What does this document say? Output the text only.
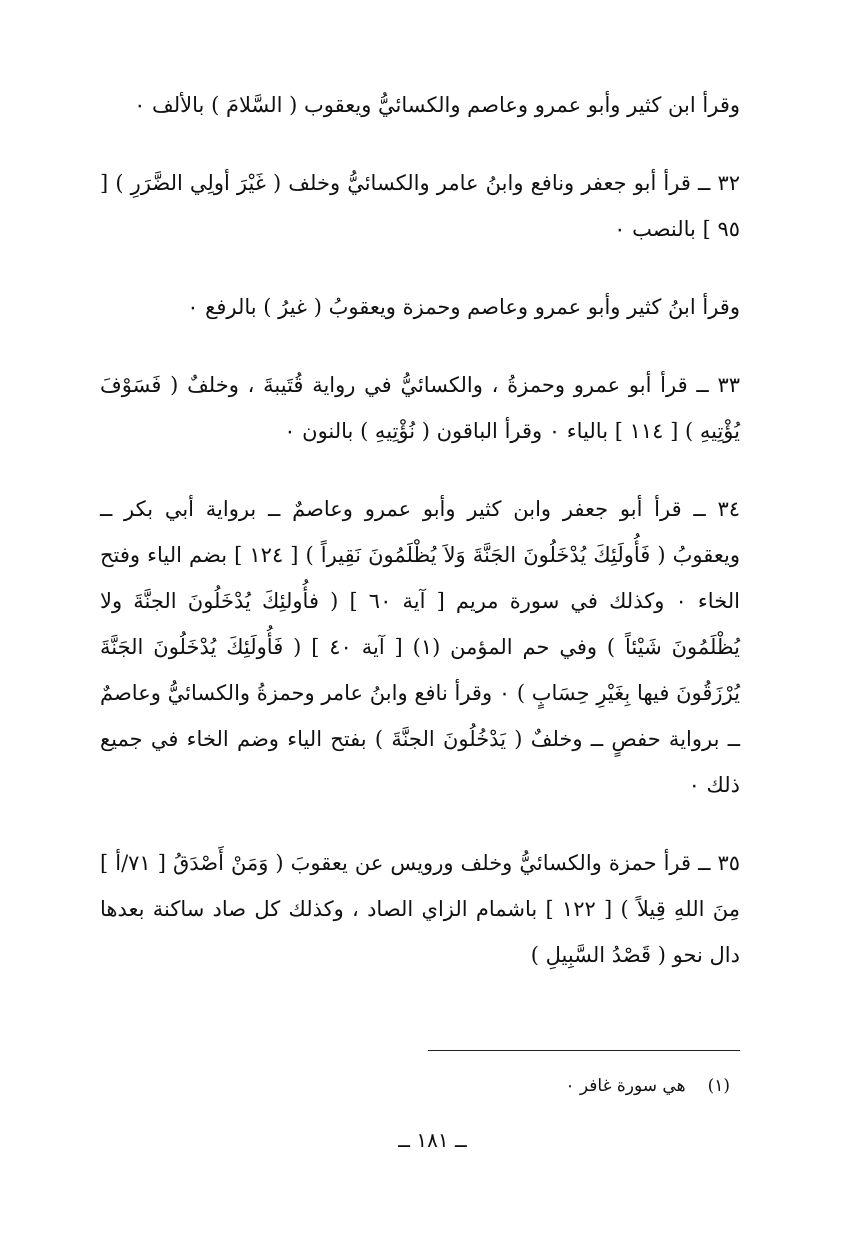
وقرأ ابن كثير وأبو عمرو وعاصم والكسائيُّ ويعقوب ( السَّلامَ ) بالألف ٠

٣٢ ــ قرأ أبو جعفر ونافع وابنُ عامر والكسائيُّ وخلف ( غَيْرَ أولِي الضَّرَرِ ) [ ٩٥ ] بالنصب ٠

وقرأ ابنُ كثير وأبو عمرو وعاصم وحمزة ويعقوبُ ( غيرُ ) بالرفع ٠

٣٣ ــ قرأ أبو عمرو وحمزةُ ، والكسائيُّ في رواية قُتَيبةَ ، وخلفٌ ( فَسَوْفَ يُؤْتِيهِ ) [ ١١٤ ] بالياء ٠ وقرأ الباقون ( نُؤْتِيهِ ) بالنون ٠

٣٤ ــ قرأ أبو جعفر وابن كثير وأبو عمرو وعاصمٌ ــ برواية أبي بكر ــ ويعقوبُ ( فَأُولَئِكَ يُدْخَلُونَ الجَنَّةَ وَلاَ يُظْلَمُونَ نَقِيراً ) [ ١٢٤ ] بضم الياء وفتح الخاء ٠ وكذلك في سورة مريم [ آية ٦٠ ] ( فأُولئِكَ يُدْخَلُونَ الجنَّةَ ولا يُظْلَمُونَ شَيْئاً ) وفي حم المؤمن (١) [ آية ٤٠ ] ( فَأُولَئِكَ يُدْخَلُونَ الجَنَّةَ يُرْزَقُونَ فيها بِغَيْرِ حِسَابٍ ) ٠ وقرأ نافع وابنُ عامر وحمزةُ والكسائيُّ وعاصمٌ ــ برواية حفصٍ ــ وخلفٌ ( يَدْخُلُونَ الجنَّةَ ) بفتح الياء وضم الخاء في جميع ذلك ٠

٣٥ ــ قرأ حمزة والكسائيُّ وخلف ورويس عن يعقوبَ ( وَمَنْ أَصْدَقُ [ ٧١/أ ] مِنَ اللهِ قِيلاً ) [ ١٢٢ ] باشمام الزاي الصاد ، وكذلك كل صاد ساكنة بعدها دال نحو ( قَصْدُ السَّبِيلِ )

(١)هي سورة غافر ٠
ــ ١٨١ ــ
